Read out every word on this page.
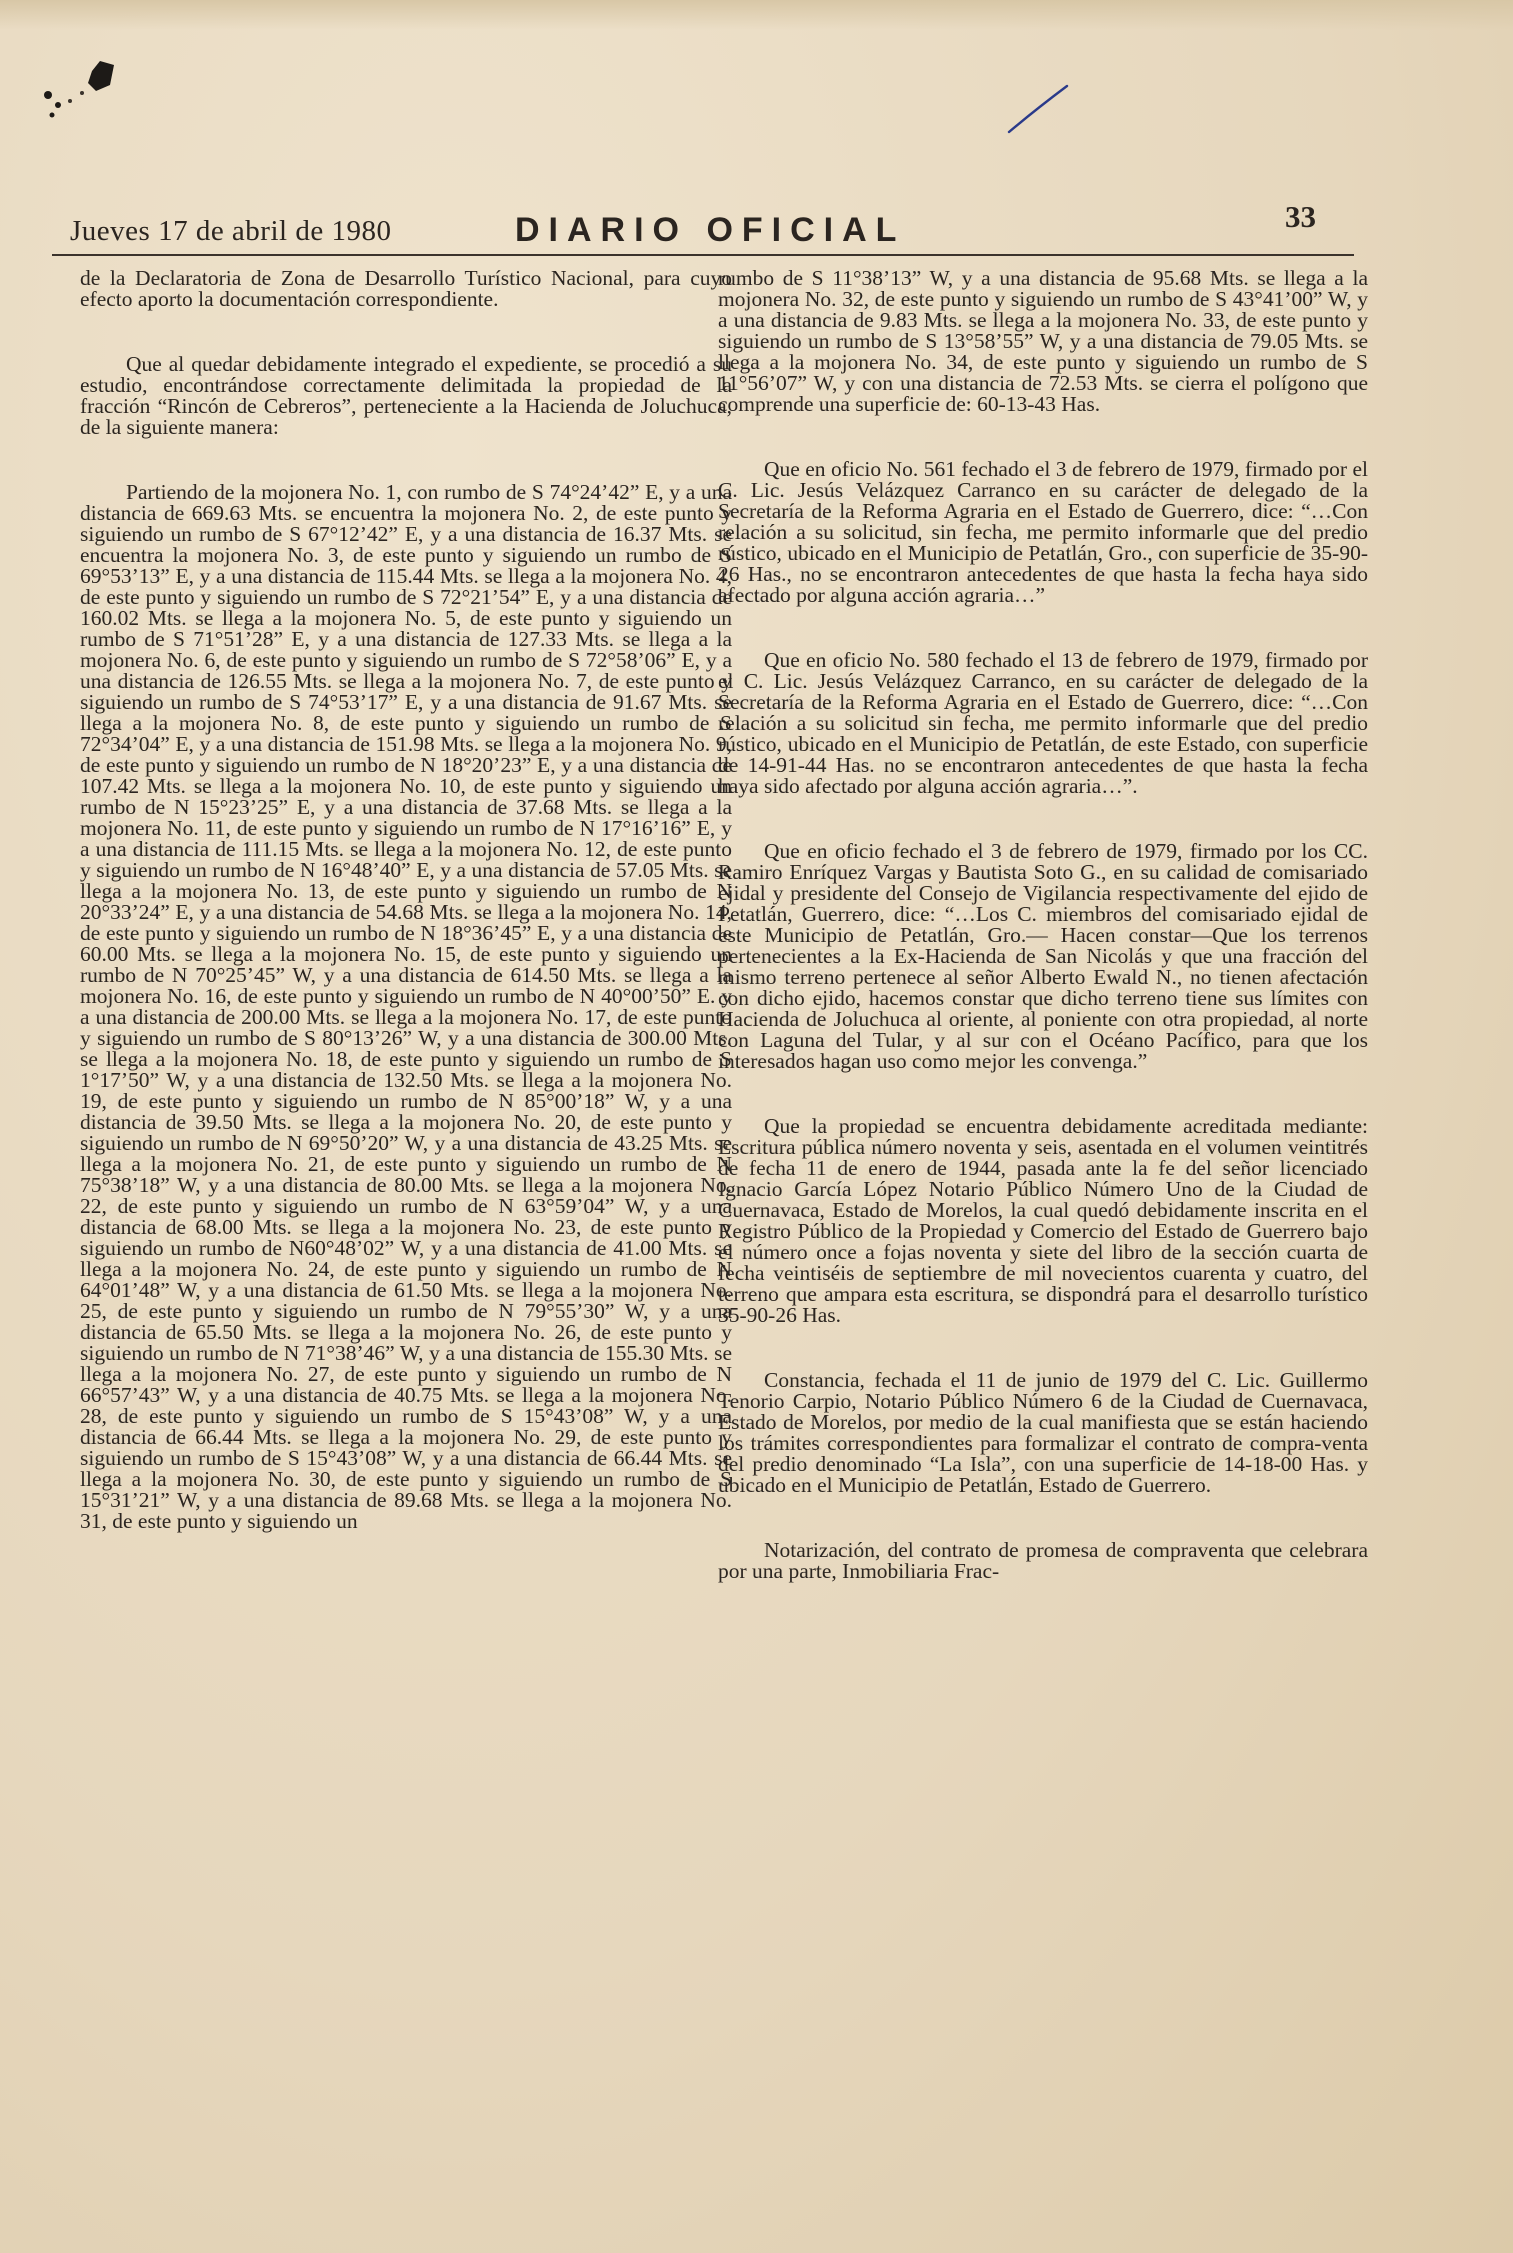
Jueves 17 de abril de 1980	DIARIO OFICIAL	33

de la Declaratoria de Zona de Desarrollo Turístico Nacional, para cuyo efecto aporto la documentación correspondiente.

Que al quedar debidamente integrado el expediente, se procedió a su estudio, encontrándose correctamente delimitada la propiedad de la fracción “Rincón de Cebreros”, perteneciente a la Hacienda de Joluchuca, de la siguiente manera:

Partiendo de la mojonera No. 1, con rumbo de S 74°24’42” E, y a una distancia de 669.63 Mts. se encuentra la mojonera No. 2, de este punto y siguiendo un rumbo de S 67°12’42” E, y a una distancia de 16.37 Mts. se encuentra la mojonera No. 3, de este punto y siguiendo un rumbo de S 69°53’13” E, y a una distancia de 115.44 Mts. se llega a la mojonera No. 4, de este punto y siguiendo un rumbo de S 72°21’54” E, y a una distancia de 160.02 Mts. se llega a la mojonera No. 5, de este punto y siguiendo un rumbo de S 71°51’28” E, y a una distancia de 127.33 Mts. se llega a la mojonera No. 6, de este punto y siguiendo un rumbo de S 72°58’06” E, y a una distancia de 126.55 Mts. se llega a la mojonera No. 7, de este punto y siguiendo un rumbo de S 74°53’17” E, y a una distancia de 91.67 Mts. se llega a la mojonera No. 8, de este punto y siguiendo un rumbo de S 72°34’04” E, y a una distancia de 151.98 Mts. se llega a la mojonera No. 9, de este punto y siguiendo un rumbo de N 18°20’23” E, y a una distancia de 107.42 Mts. se llega a la mojonera No. 10, de este punto y siguiendo un rumbo de N 15°23’25” E, y a una distancia de 37.68 Mts. se llega a la mojonera No. 11, de este punto y siguiendo un rumbo de N 17°16’16” E, y a una distancia de 111.15 Mts. se llega a la mojonera No. 12, de este punto y siguiendo un rumbo de N 16°48’40” E, y a una distancia de 57.05 Mts. se llega a la mojonera No. 13, de este punto y siguiendo un rumbo de N 20°33’24” E, y a una distancia de 54.68 Mts. se llega a la mojonera No. 14, de este punto y siguiendo un rumbo de N 18°36’45” E, y a una distancia de 60.00 Mts. se llega a la mojonera No. 15, de este punto y siguiendo un rumbo de N 70°25’45” W, y a una distancia de 614.50 Mts. se llega a la mojonera No. 16, de este punto y siguiendo un rumbo de N 40°00’50” E. y a una distancia de 200.00 Mts. se llega a la mojonera No. 17, de este punto y siguiendo un rumbo de S 80°13’26” W, y a una distancia de 300.00 Mts. se llega a la mojonera No. 18, de este punto y siguiendo un rumbo de S 1°17’50” W, y a una distancia de 132.50 Mts. se llega a la mojonera No. 19, de este punto y siguiendo un rumbo de N 85°00’18” W, y a una distancia de 39.50 Mts. se llega a la mojonera No. 20, de este punto y siguiendo un rumbo de N 69°50’20” W, y a una distancia de 43.25 Mts. se llega a la mojonera No. 21, de este punto y siguiendo un rumbo de N 75°38’18” W, y a una distancia de 80.00 Mts. se llega a la mojonera No. 22, de este punto y siguiendo un rumbo de N 63°59’04” W, y a una distancia de 68.00 Mts. se llega a la mojonera No. 23, de este punto y siguiendo un rumbo de N60°48’02” W, y a una distancia de 41.00 Mts. se llega a la mojonera No. 24, de este punto y siguiendo un rumbo de N 64°01’48” W, y a una distancia de 61.50 Mts. se llega a la mojonera No. 25, de este punto y siguiendo un rumbo de N 79°55’30” W, y a una distancia de 65.50 Mts. se llega a la mojonera No. 26, de este punto y siguiendo un rumbo de N 71°38’46” W, y a una distancia de 155.30 Mts. se llega a la mojonera No. 27, de este punto y siguiendo un rumbo de N 66°57’43” W, y a una distancia de 40.75 Mts. se llega a la mojonera No. 28, de este punto y siguiendo un rumbo de S 15°43’08” W, y a una distancia de 66.44 Mts. se llega a la mojonera No. 29, de este punto y siguiendo un rumbo de S 15°43’08” W, y a una distancia de 66.44 Mts. se llega a la mojonera No. 30, de este punto y siguiendo un rumbo de S 15°31’21” W, y a una distancia de 89.68 Mts. se llega a la mojonera No. 31, de este punto y siguiendo un

rumbo de S 11°38’13” W, y a una distancia de 95.68 Mts. se llega a la mojonera No. 32, de este punto y siguiendo un rumbo de S 43°41’00” W, y a una distancia de 9.83 Mts. se llega a la mojonera No. 33, de este punto y siguiendo un rumbo de S 13°58’55” W, y a una distancia de 79.05 Mts. se llega a la mojonera No. 34, de este punto y siguiendo un rumbo de S 11°56’07” W, y con una distancia de 72.53 Mts. se cierra el polígono que comprende una superficie de: 60-13-43 Has.

Que en oficio No. 561 fechado el 3 de febrero de 1979, firmado por el C. Lic. Jesús Velázquez Carranco en su carácter de delegado de la Secretaría de la Reforma Agraria en el Estado de Guerrero, dice: “…Con relación a su solicitud, sin fecha, me permito informarle que del predio rústico, ubicado en el Municipio de Petatlán, Gro., con superficie de 35-90-26 Has., no se encontraron antecedentes de que hasta la fecha haya sido afectado por alguna acción agraria…”

Que en oficio No. 580 fechado el 13 de febrero de 1979, firmado por el C. Lic. Jesús Velázquez Carranco, en su carácter de delegado de la Secretaría de la Reforma Agraria en el Estado de Guerrero, dice: “…Con relación a su solicitud sin fecha, me permito informarle que del predio rústico, ubicado en el Municipio de Petatlán, de este Estado, con superficie de 14-91-44 Has. no se encontraron antecedentes de que hasta la fecha haya sido afectado por alguna acción agraria…”.

Que en oficio fechado el 3 de febrero de 1979, firmado por los CC. Ramiro Enríquez Vargas y Bautista Soto G., en su calidad de comisariado ejidal y presidente del Consejo de Vigilancia respectivamente del ejido de Petatlán, Guerrero, dice: “…Los C. miembros del comisariado ejidal de este Municipio de Petatlán, Gro.— Hacen constar—Que los terrenos pertenecientes a la Ex-Hacienda de San Nicolás y que una fracción del mismo terreno pertenece al señor Alberto Ewald N., no tienen afectación con dicho ejido, hacemos constar que dicho terreno tiene sus límites con Hacienda de Joluchuca al oriente, al poniente con otra propiedad, al norte con Laguna del Tular, y al sur con el Océano Pacífico, para que los interesados hagan uso como mejor les convenga.”

Que la propiedad se encuentra debidamente acreditada mediante: Escritura pública número noventa y seis, asentada en el volumen veintitrés de fecha 11 de enero de 1944, pasada ante la fe del señor licenciado Ignacio García López Notario Público Número Uno de la Ciudad de Cuernavaca, Estado de Morelos, la cual quedó debidamente inscrita en el Registro Público de la Propiedad y Comercio del Estado de Guerrero bajo el número once a fojas noventa y siete del libro de la sección cuarta de fecha veintiséis de septiembre de mil novecientos cuarenta y cuatro, del terreno que ampara esta escritura, se dispondrá para el desarrollo turístico 35-90-26 Has.

Constancia, fechada el 11 de junio de 1979 del C. Lic. Guillermo Tenorio Carpio, Notario Público Número 6 de la Ciudad de Cuernavaca, Estado de Morelos, por medio de la cual manifiesta que se están haciendo los trámites correspondientes para formalizar el contrato de compra-venta del predio denominado “La Isla”, con una superficie de 14-18-00 Has. y ubicado en el Municipio de Petatlán, Estado de Guerrero.

Notarización, del contrato de promesa de compraventa que celebrara por una parte, Inmobiliaria Frac-
